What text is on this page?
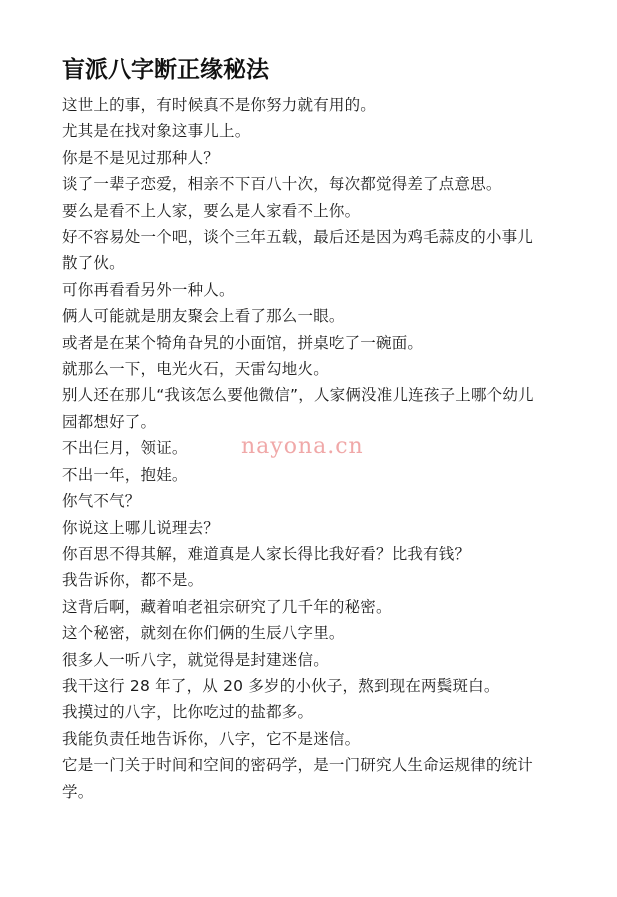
盲派八字断正缘秘法

这世上的事，有时候真不是你努力就有用的。

尤其是在找对象这事儿上。

你是不是见过那种人？

谈了一辈子恋爱，相亲不下百八十次，每次都觉得差了点意思。

要么是看不上人家，要么是人家看不上你。

好不容易处一个吧，谈个三年五载，最后还是因为鸡毛蒜皮的小事儿散了伙。

可你再看看另外一种人。

俩人可能就是朋友聚会上看了那么一眼。

或者是在某个犄角旮旯的小面馆，拼桌吃了一碗面。

就那么一下，电光火石，天雷勾地火。

别人还在那儿“我该怎么要他微信”，人家俩没准儿连孩子上哪个幼儿园都想好了。

不出仨月，领证。

不出一年，抱娃。

你气不气？

你说这上哪儿说理去？

你百思不得其解，难道真是人家长得比我好看？比我有钱？

我告诉你，都不是。

这背后啊，藏着咱老祖宗研究了几千年的秘密。

这个秘密，就刻在你们俩的生辰八字里。

很多人一听八字，就觉得是封建迷信。

我干这行 28 年了，从 20 多岁的小伙子，熬到现在两鬓斑白。

我摸过的八字，比你吃过的盐都多。

我能负责任地告诉你，八字，它不是迷信。

它是一门关于时间和空间的密码学，是一门研究人生命运规律的统计学。

nayona.cn
